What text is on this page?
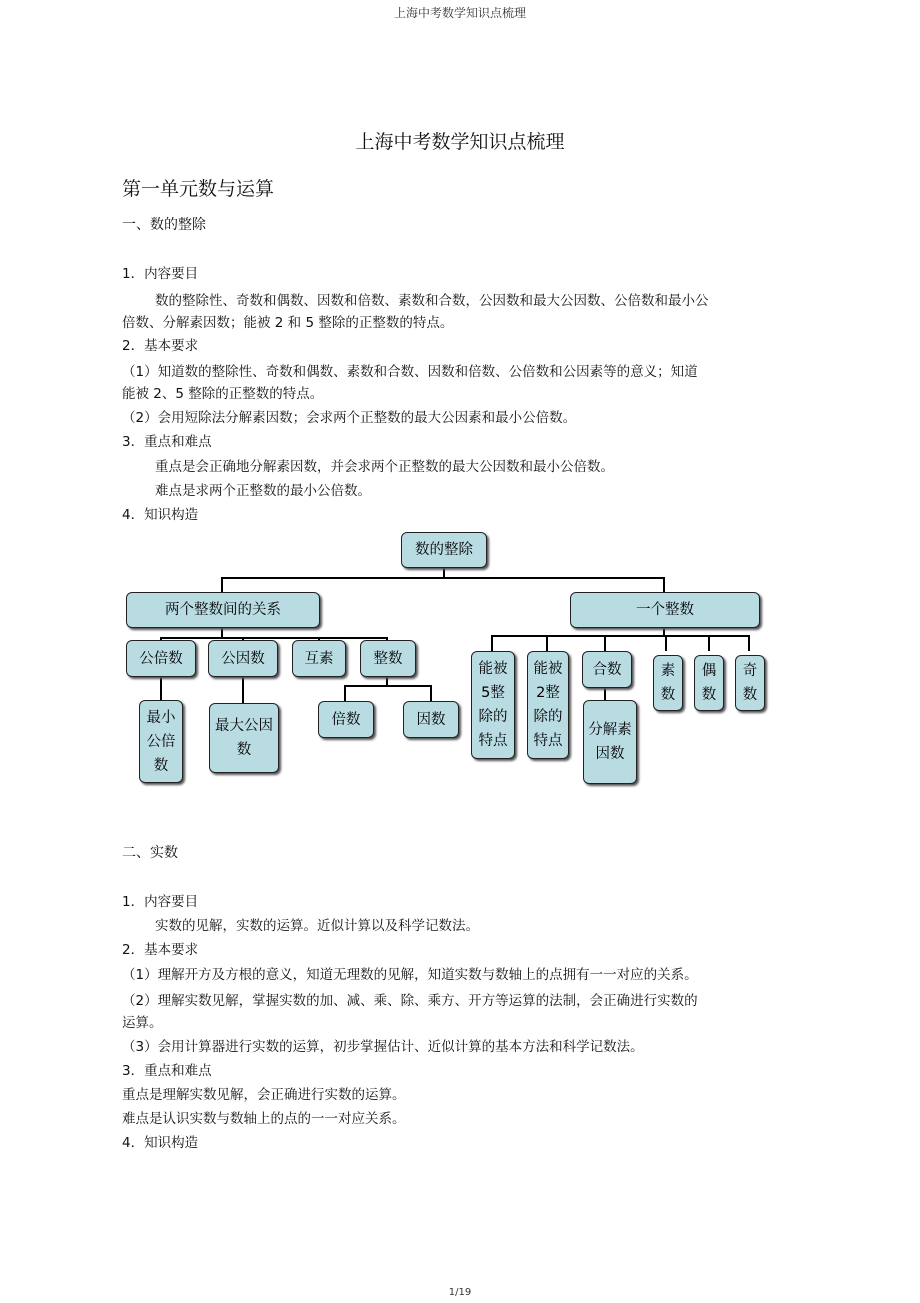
上海中考数学知识点梳理
上海中考数学知识点梳理
第一单元数与运算
一、数的整除
1．内容要目
数的整除性、奇数和偶数、因数和倍数、素数和合数，公因数和最大公因数、公倍数和最小公
倍数、分解素因数；能被 2 和 5 整除的正整数的特点。
2．基本要求
（1）知道数的整除性、奇数和偶数、素数和合数、因数和倍数、公倍数和公因素等的意义；知道
能被 2、5 整除的正整数的特点。
（2）会用短除法分解素因数；会求两个正整数的最大公因素和最小公倍数。
3．重点和难点
重点是会正确地分解素因数，并会求两个正整数的最大公因数和最小公倍数。
难点是求两个正整数的最小公倍数。
4．知识构造
数的整除
两个整数间的关系	一个整数
公倍数	公因数	互素	整数
最小公倍数
最大公因数
倍数	因数
能被5整除的特点
能被2整除的特点
合数	素数
偶数
奇数
分解素因数
二、实数
1．内容要目
实数的见解，实数的运算。近似计算以及科学记数法。
2．基本要求
（1）理解开方及方根的意义，知道无理数的见解，知道实数与数轴上的点拥有一一对应的关系。
（2）理解实数见解，掌握实数的加、减、乘、除、乘方、开方等运算的法制，会正确进行实数的
运算。
（3）会用计算器进行实数的运算，初步掌握估计、近似计算的基本方法和科学记数法。
3．重点和难点
重点是理解实数见解，会正确进行实数的运算。
难点是认识实数与数轴上的点的一一对应关系。
4．知识构造
1/19
